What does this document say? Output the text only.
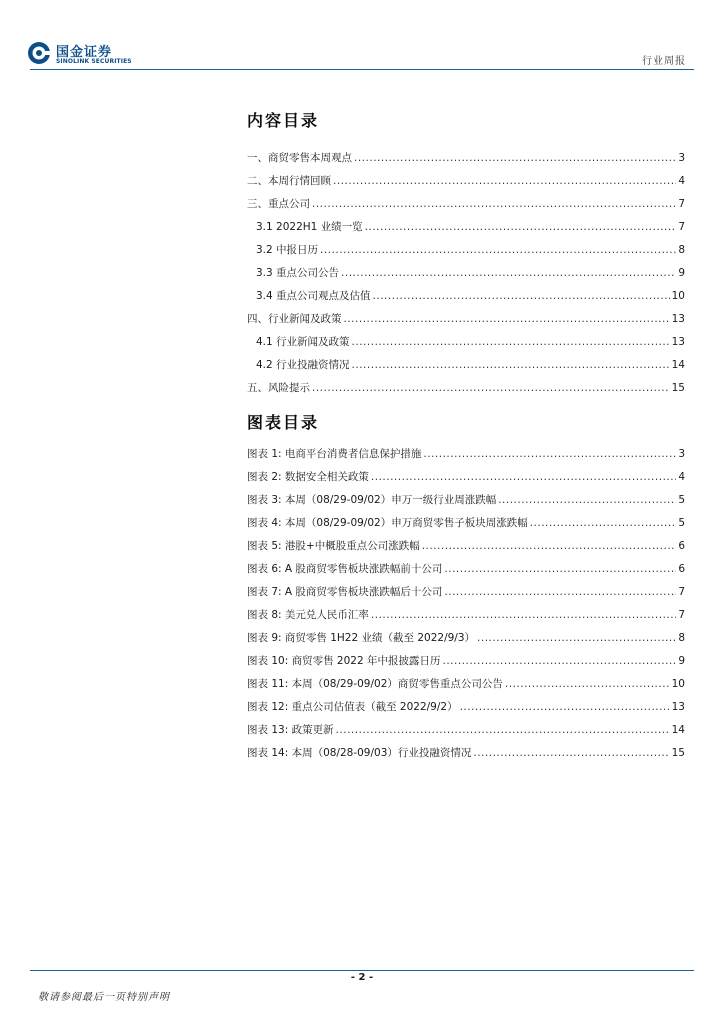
国金证券
SINOLINK SECURITIES	行业周报
内容目录
一、商贸零售本周观点 .....	3
二、本周行情回顾 .....	4
三、重点公司 .....	7
3.1 2022H1 业绩一览 .....	7
3.2 中报日历 .....	8
3.3 重点公司公告 .....	9
3.4 重点公司观点及估值 .....	10
四、行业新闻及政策 .....	13
4.1 行业新闻及政策 .....	13
4.2 行业投融资情况 .....	14
五、风险提示 .....	15
图表目录
图表 1: 电商平台消费者信息保护措施 .....	3
图表 2: 数据安全相关政策 .....	4
图表 3: 本周（08/29-09/02）申万一级行业周涨跌幅 .....	5
图表 4: 本周（08/29-09/02）申万商贸零售子板块周涨跌幅 .....	5
图表 5: 港股+中概股重点公司涨跌幅 .....	6
图表 6: A 股商贸零售板块涨跌幅前十公司 .....	6
图表 7: A 股商贸零售板块涨跌幅后十公司 .....	7
图表 8: 美元兑人民币汇率 .....	7
图表 9: 商贸零售 1H22 业绩（截至 2022/9/3） .....	8
图表 10: 商贸零售 2022 年中报披露日历 .....	9
图表 11: 本周（08/29-09/02）商贸零售重点公司公告 .....	10
图表 12: 重点公司估值表（截至 2022/9/2） .....	13
图表 13: 政策更新 .....	14
图表 14: 本周（08/28-09/03）行业投融资情况 .....	15
- 2 -
敬请参阅最后一页特别声明
